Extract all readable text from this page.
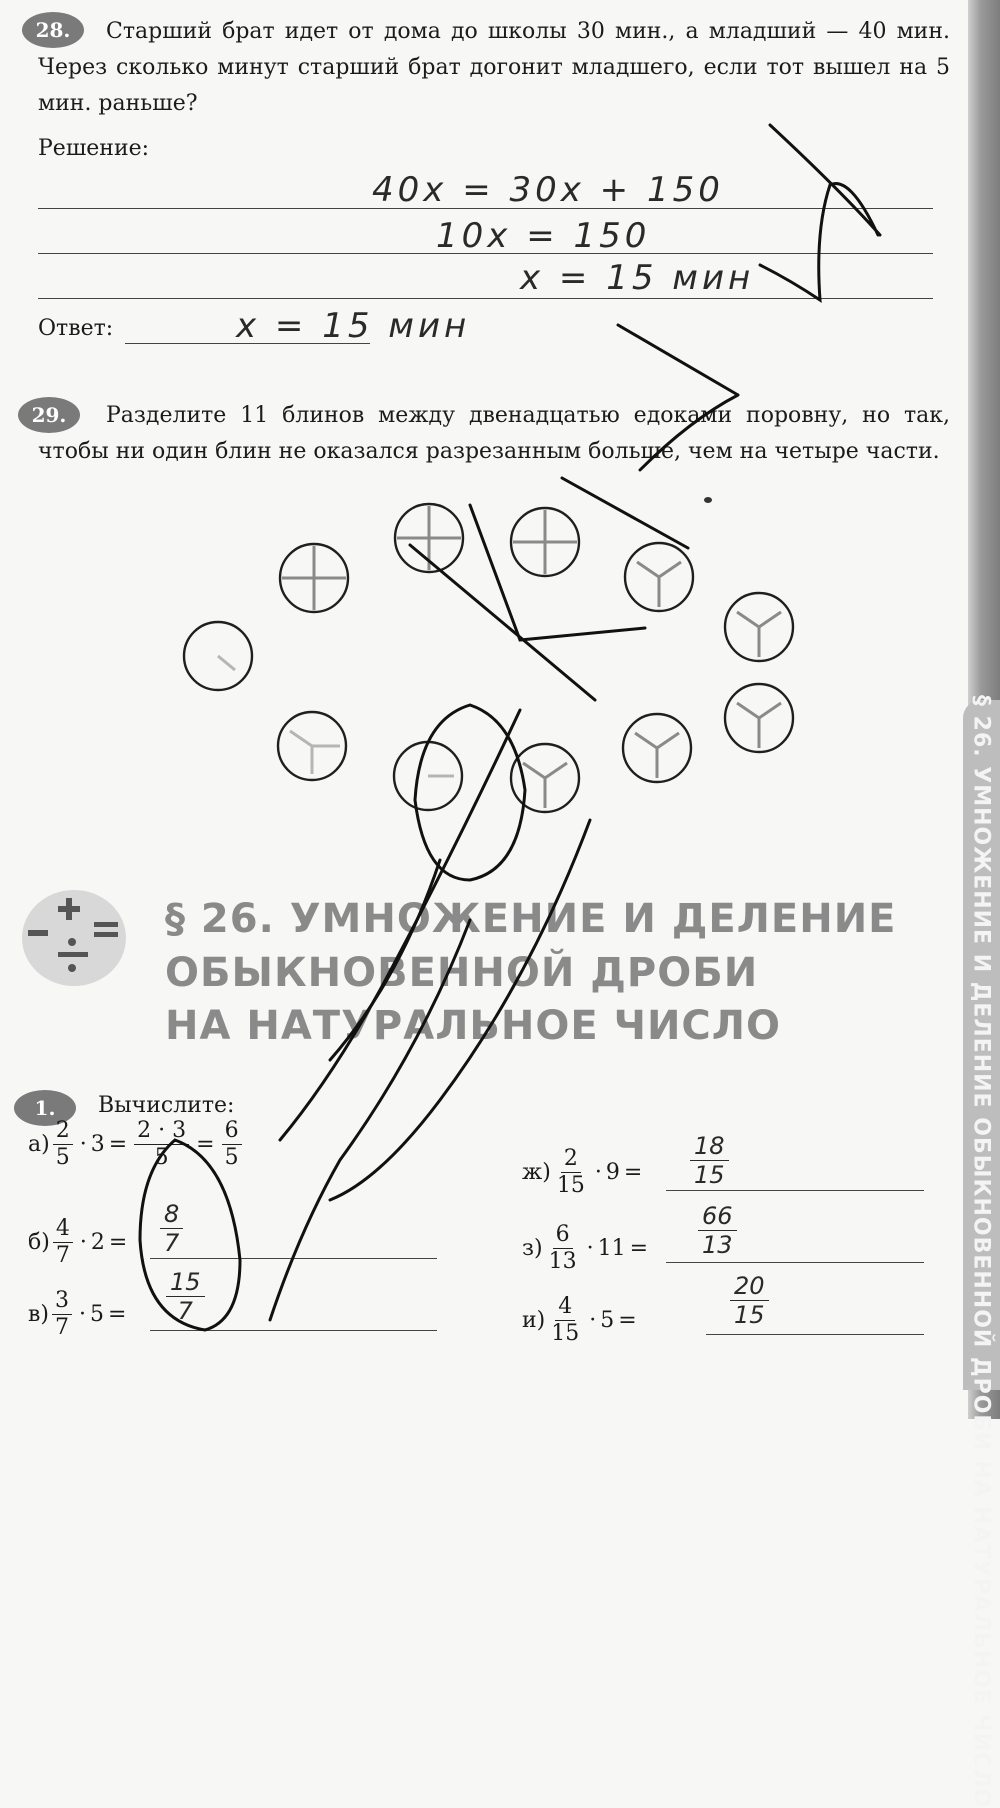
§ 26. УМНОЖЕНИЕ И ДЕЛЕНИЕ ОБЫКНОВЕННОЙ ДРОБИ НА НАТУРАЛЬНОЕ ЧИСЛО
28.	Старший брат идет от дома до школы 30 мин., а младший — 40 мин. Через сколько минут старший брат догонит младшего, если тот вышел на 5 мин. раньше?
Решение:
40x = 30x + 150
10x = 150
x = 15 мин
Ответ:	x = 15 мин
29.	Разделите 11 блинов между двенадцатью едоками поровну, но так, чтобы ни один блин не оказался разрезанным больше, чем на четыре части.
§ 26. УМНОЖЕНИЕ И ДЕЛЕНИЕ
ОБЫКНОВЕННОЙ ДРОБИ
НА НАТУРАЛЬНОЕ ЧИСЛО
1.	Вычислите:
$а) \frac{2}{5} \cdot 3 = \frac{2 \cdot 3}{5} = \frac{6}{5}$
$б) \frac{4}{7} \cdot 2 = \frac{8}{7}$
$в) \frac{3}{7} \cdot 5 = \frac{15}{7}$
$ж) \frac{2}{15} \cdot 9 = \frac{18}{15}$
$з) \frac{6}{13} \cdot 11 = \frac{66}{13}$
$и) \frac{4}{15} \cdot 5$ =	$\frac{20}{15}$
